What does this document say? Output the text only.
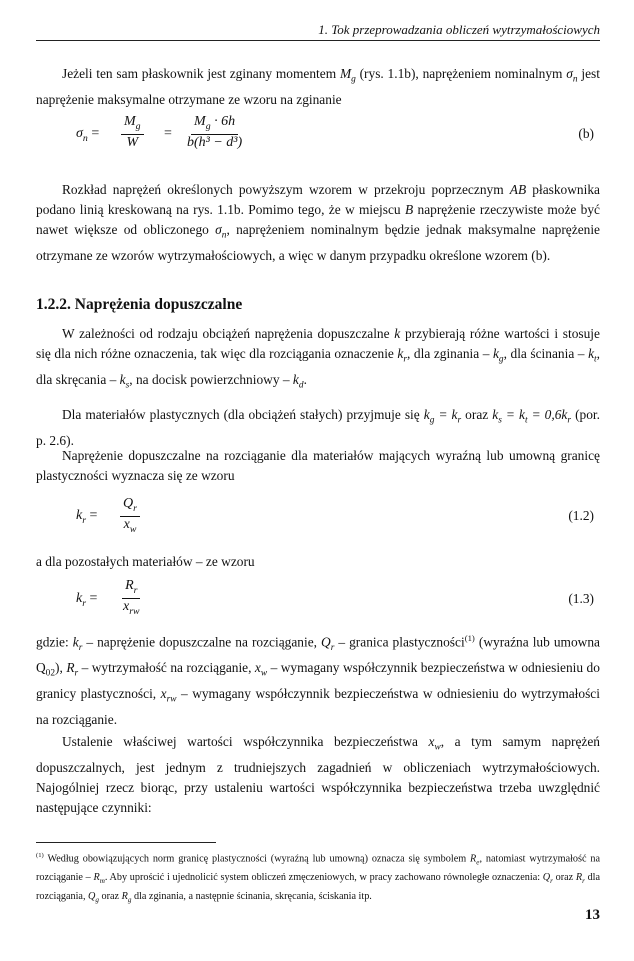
1. Tok przeprowadzania obliczeń wytrzymałościowych
Jeżeli ten sam płaskownik jest zginany momentem $M_g$ (rys. 1.1b), naprężeniem nominalnym $\sigma_n$ jest naprężenie maksymalne otrzymane ze wzoru na zginanie
$\sigma_n = \frac{M_g}{W} = \frac{M_g \cdot 6h}{\text{b(h³ − d³)}}$	(b)
Rozkład naprężeń określonych powyższym wzorem w przekroju poprzecznym AB płaskownika podano linią kreskowaną na rys. 1.1b. Pomimo tego, że w miejscu B naprężenie rzeczywiste może być nawet większe od obliczonego $\sigma_n$, naprężeniem nominalnym będzie jednak maksymalne naprężenie otrzymane ze wzorów wytrzymałościowych, a więc w danym przypadku określone wzorem (b).
1.2.2. Naprężenia dopuszczalne
W zależności od rodzaju obciążeń naprężenia dopuszczalne k przybierają różne wartości i stosuje się dla nich różne oznaczenia, tak więc dla rozciągania oznaczenie $k_r$, dla zginania – $k_g$, dla ścinania – $k_t$, dla skręcania – $k_s$, na docisk powierzchniowy – $k_d$.
Dla materiałów plastycznych (dla obciążeń stałych) przyjmuje się $k_g = k_r$ oraz $k_s = k_t = 0,6k_r$ (por. p. 2.6).
Naprężenie dopuszczalne na rozciąganie dla materiałów mających wyraźną lub umowną granicę plastyczności wyznacza się ze wzoru
$k_r = \frac{Q_r}{x_w}$	(1.2)
a dla pozostałych materiałów – ze wzoru
$k_r$ =
$R_r$
$x_{rw}$
(1.3)
gdzie: $k_r$ – naprężenie dopuszczalne na rozciąganie, $Q_r$ – granica plastyczności$^{(1)}$ (wyraźna lub umowna $Q_{02}$), $R_r$ – wytrzymałość na rozciąganie, $x_w$ – wymagany współczynnik bezpieczeństwa w odniesieniu do granicy plastyczności, $x_{rw}$ – wymagany współczynnik bezpieczeństwa w odniesieniu do wytrzymałości na rozciąganie.
Ustalenie właściwej wartości współczynnika bezpieczeństwa $x_w$, a tym samym naprężeń dopuszczalnych, jest jednym z trudniejszych zagadnień w obliczeniach wytrzymałościowych. Najogólniej rzecz biorąc, przy ustaleniu wartości współczynnika bezpieczeństwa trzeba uwzględnić następujące czynniki:
$^{(1)}$ Według obowiązujących norm granicę plastyczności (wyraźną lub umowną) oznacza się symbolem $R_e$, natomiast wytrzymałość na rozciąganie – $R_m$. Aby uprościć i ujednolicić system obliczeń zmęczeniowych, w pracy zachowano równoległe oznaczenia: $Q_r$ oraz $R_r$ dla rozciągania, $Q_g$ oraz $R_g$ dla zginania, a następnie ścinania, skręcania, ściskania itp.
13
